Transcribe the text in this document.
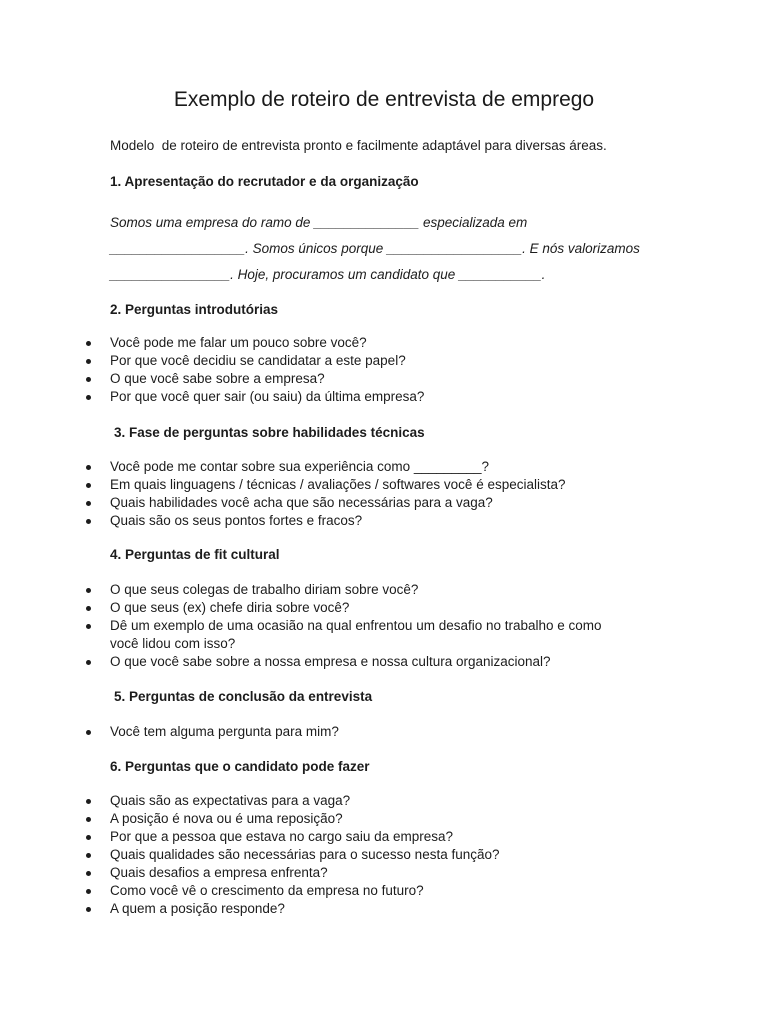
Exemplo de roteiro de entrevista de emprego
Modelo  de roteiro de entrevista pronto e facilmente adaptável para diversas áreas.
1. Apresentação do recrutador e da organização
Somos uma empresa do ramo de ______________ especializada em
__________________. Somos únicos porque __________________. E nós valorizamos
________________. Hoje, procuramos um candidato que ___________.
2. Perguntas introdutórias
Você pode me falar um pouco sobre você?
Por que você decidiu se candidatar a este papel?
O que você sabe sobre a empresa?
Por que você quer sair (ou saiu) da última empresa?
3. Fase de perguntas sobre habilidades técnicas
Você pode me contar sobre sua experiência como _________?
Em quais linguagens / técnicas / avaliações / softwares você é especialista?
Quais habilidades você acha que são necessárias para a vaga?
Quais são os seus pontos fortes e fracos?
4. Perguntas de fit cultural
O que seus colegas de trabalho diriam sobre você?
O que seus (ex) chefe diria sobre você?
Dê um exemplo de uma ocasião na qual enfrentou um desafio no trabalho e como você lidou com isso?
O que você sabe sobre a nossa empresa e nossa cultura organizacional?
5. Perguntas de conclusão da entrevista
Você tem alguma pergunta para mim?
6. Perguntas que o candidato pode fazer
Quais são as expectativas para a vaga?
A posição é nova ou é uma reposição?
Por que a pessoa que estava no cargo saiu da empresa?
Quais qualidades são necessárias para o sucesso nesta função?
Quais desafios a empresa enfrenta?
Como você vê o crescimento da empresa no futuro?
A quem a posição responde?
